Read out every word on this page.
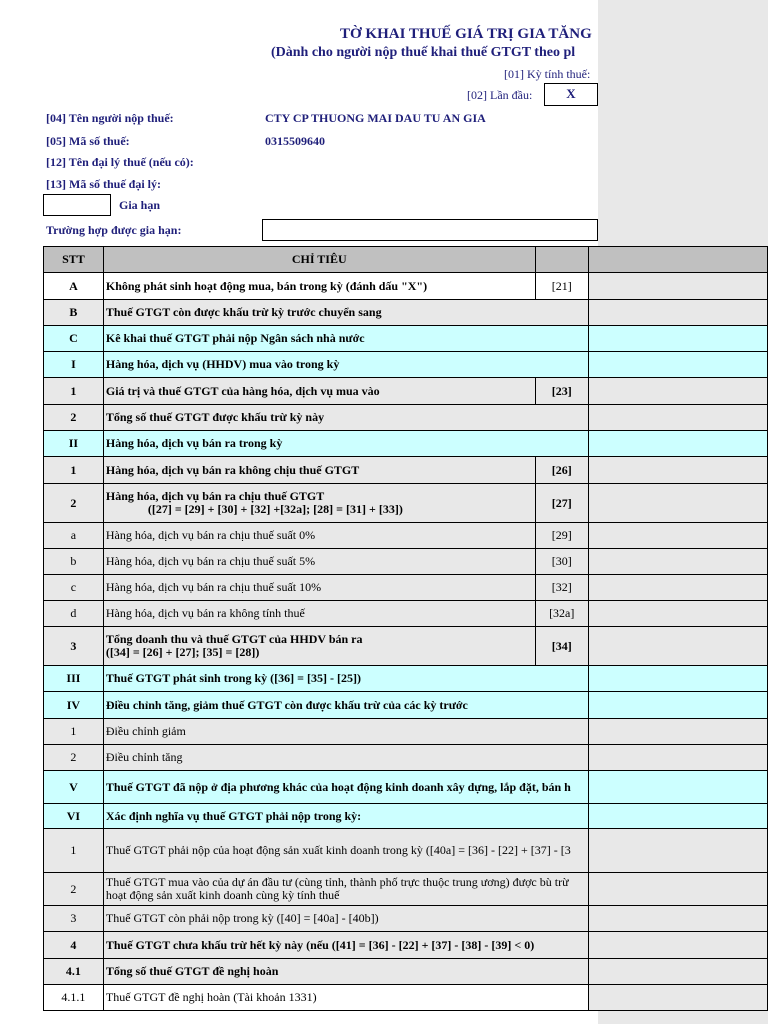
TỜ KHAI THUẾ GIÁ TRỊ GIA TĂNG
(Dành cho người nộp thuế khai thuế GTGT theo pl
[01] Kỳ tính thuế:
[02] Lần đầu:	X
[04] Tên người nộp thuế:	CTY CP THUONG MAI DAU TU AN GIA
[05] Mã số thuế:	0315509640
[12] Tên đại lý thuế (nếu có):
[13] Mã số thuế đại lý:
Gia hạn
Trường hợp được gia hạn:
STT	CHỈ TIÊU		
A	Không phát sinh hoạt động mua, bán trong kỳ (đánh dấu "X")	[21]	
B	Thuế GTGT còn được khấu trừ kỳ trước chuyển sang		
C	Kê khai thuế GTGT phải nộp Ngân sách nhà nước		
I	Hàng hóa, dịch vụ (HHDV) mua vào trong kỳ		
1	Giá trị và thuế GTGT của hàng hóa, dịch vụ mua vào	[23]	
2	Tổng số thuế GTGT được khấu trừ kỳ này		
II	Hàng hóa, dịch vụ bán ra trong kỳ		
1	Hàng hóa, dịch vụ bán ra không chịu thuế GTGT	[26]	
2	Hàng hóa, dịch vụ bán ra chịu thuế GTGT
([27] = [29] + [30] + [32] +[32a]; [28] = [31] + [33])	[27]	
a	Hàng hóa, dịch vụ bán ra chịu thuế suất 0%	[29]	
b	Hàng hóa, dịch vụ bán ra chịu thuế suất 5%	[30]	
c	Hàng hóa, dịch vụ bán ra chịu thuế suất 10%	[32]	
d	Hàng hóa, dịch vụ bán ra không tính thuế	[32a]	
3	Tổng doanh thu và thuế GTGT của HHDV bán ra
([34] = [26] + [27]; [35] = [28])	[34]	
III	Thuế GTGT phát sinh trong kỳ ([36] = [35] - [25])		
IV	Điều chỉnh tăng, giảm thuế GTGT còn được khấu trừ của các kỳ trước		
1	Điều chỉnh giảm		
2	Điều chỉnh tăng		
V	Thuế GTGT đã nộp ở địa phương khác của hoạt động kinh doanh xây dựng, lắp đặt, bán h		
VI	Xác định nghĩa vụ thuế GTGT phải nộp trong kỳ:		
1	Thuế GTGT phải nộp của hoạt động sản xuất kinh doanh trong kỳ ([40a] = [36] - [22] + [37] - [3		
2	Thuế GTGT mua vào của dự án đầu tư (cùng tỉnh, thành phố trực thuộc trung ương) được bù trừ
hoạt động sản xuất kinh doanh cùng kỳ tính thuế		

3	Thuế GTGT còn phải nộp trong kỳ ([40] = [40a] - [40b])		
4	Thuế GTGT chưa khấu trừ hết kỳ này (nếu ([41] = [36] - [22] + [37] - [38] - [39] < 0)		
4.1	Tổng số thuế GTGT đề nghị hoàn		
4.1.1	Thuế GTGT đề nghị hoàn (Tài khoản 1331)		
